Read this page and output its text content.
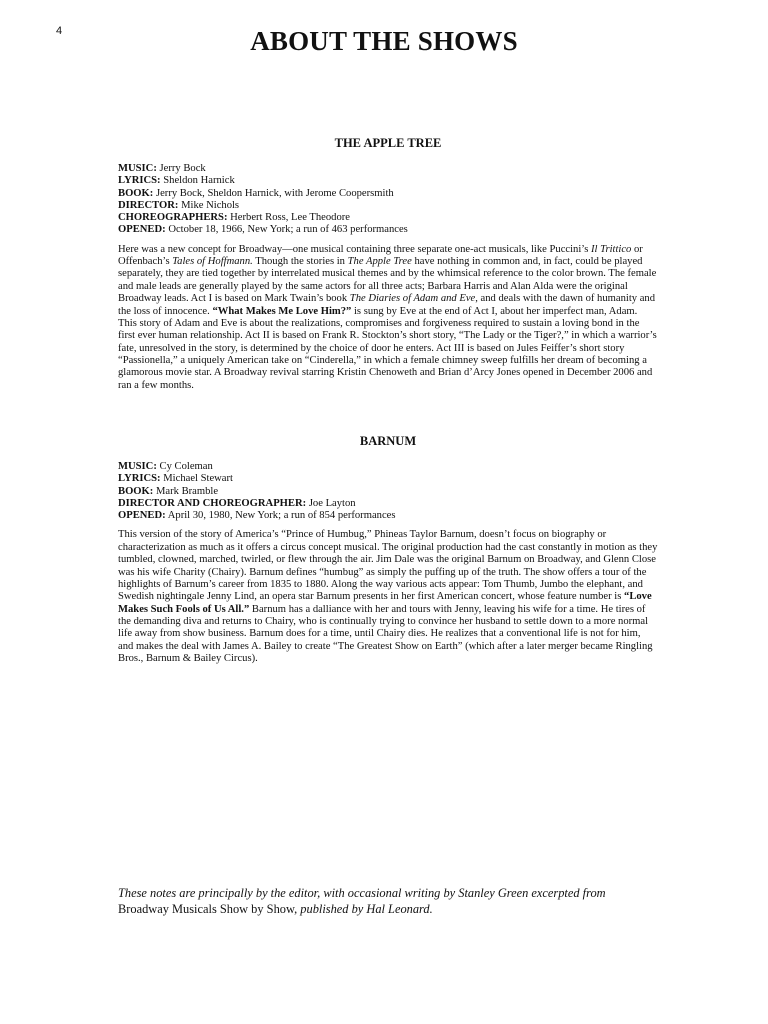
4	ABOUT THE SHOWS
THE APPLE TREE
MUSIC: Jerry Bock
LYRICS: Sheldon Harnick
BOOK: Jerry Bock, Sheldon Harnick, with Jerome Coopersmith
DIRECTOR: Mike Nichols
CHOREOGRAPHERS: Herbert Ross, Lee Theodore
OPENED: October 18, 1966, New York; a run of 463 performances

Here was a new concept for Broadway—one musical containing three separate one-act musicals, like Puccini’s Il Trittico or Offenbach’s Tales of Hoffmann. Though the stories in The Apple Tree have nothing in common and, in fact, could be played separately, they are tied together by interrelated musical themes and by the whimsical reference to the color brown. The female and male leads are generally played by the same actors for all three acts; Barbara Harris and Alan Alda were the original Broadway leads. Act I is based on Mark Twain’s book The Diaries of Adam and Eve, and deals with the dawn of humanity and the loss of innocence. “What Makes Me Love Him?” is sung by Eve at the end of Act I, about her imperfect man, Adam. This story of Adam and Eve is about the realizations, compromises and forgiveness required to sustain a loving bond in the first ever human relationship. Act II is based on Frank R. Stockton’s short story, “The Lady or the Tiger?,” in which a warrior’s fate, unresolved in the story, is determined by the choice of door he enters. Act III is based on Jules Feiffer’s short story “Passionella,” a uniquely American take on “Cinderella,” in which a female chimney sweep fulfills her dream of becoming a glamorous movie star. A Broadway revival starring Kristin Chenoweth and Brian d’Arcy Jones opened in December 2006 and ran a few months.

BARNUM
MUSIC: Cy Coleman
LYRICS: Michael Stewart
BOOK: Mark Bramble
DIRECTOR AND CHOREOGRAPHER: Joe Layton
OPENED: April 30, 1980, New York; a run of 854 performances

This version of the story of America’s “Prince of Humbug,” Phineas Taylor Barnum, doesn’t focus on biography or characterization as much as it offers a circus concept musical. The original production had the cast constantly in motion as they tumbled, clowned, marched, twirled, or flew through the air. Jim Dale was the original Barnum on Broadway, and Glenn Close was his wife Charity (Chairy). Barnum defines “humbug” as simply the puffing up of the truth. The show offers a tour of the highlights of Barnum’s career from 1835 to 1880. Along the way various acts appear: Tom Thumb, Jumbo the elephant, and Swedish nightingale Jenny Lind, an opera star Barnum presents in her first American concert, whose feature number is “Love Makes Such Fools of Us All.” Barnum has a dalliance with her and tours with Jenny, leaving his wife for a time. He tires of the demanding diva and returns to Chairy, who is continually trying to convince her husband to settle down to a more normal life away from show business. Barnum does for a time, until Chairy dies. He realizes that a conventional life is not for him, and makes the deal with James A. Bailey to create “The Greatest Show on Earth” (which after a later merger became Ringling Bros., Barnum & Bailey Circus).

These notes are principally by the editor, with occasional writing by Stanley Green excerpted from
Broadway Musicals Show by Show, published by Hal Leonard.
